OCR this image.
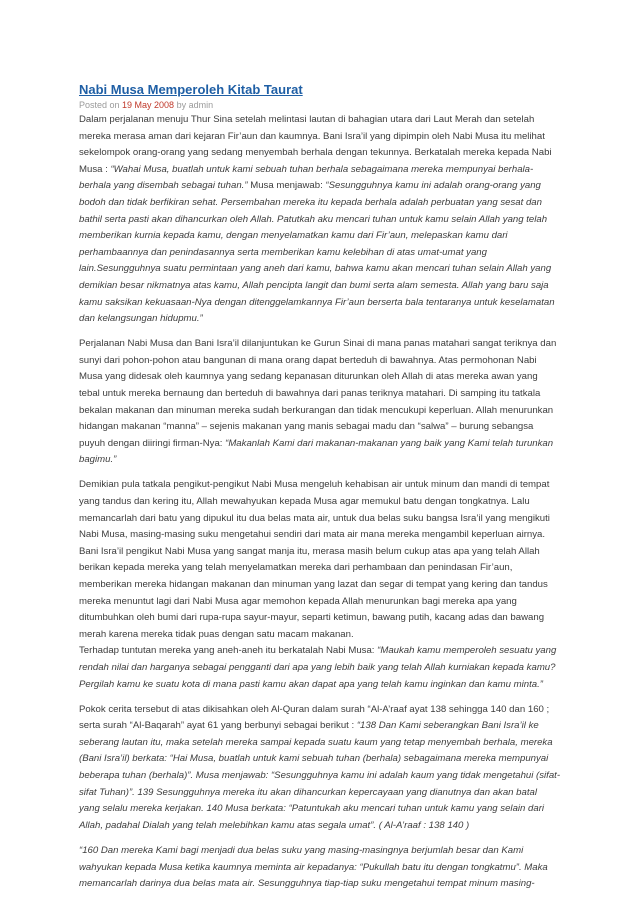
Nabi Musa Memperoleh Kitab Taurat
Posted on 19 May 2008 by admin

Dalam perjalanan menuju Thur Sina setelah melintasi lautan di bahagian utara dari Laut Merah dan setelah
mereka merasa aman dari kejaran Fir’aun dan kaumnya. Bani Isra’il yang dipimpin oleh Nabi Musa itu melihat
sekelompok orang-orang yang sedang menyembah berhala dengan tekunnya. Berkatalah mereka kepada Nabi
Musa : “Wahai Musa, buatlah untuk kami sebuah tuhan berhala sebagaimana mereka mempunyai berhala-
berhala yang disembah sebagai tuhan.” Musa menjawab: “Sesungguhnya kamu ini adalah orang-orang yang
bodoh dan tidak berfikiran sehat. Persembahan mereka itu kepada berhala adalah perbuatan yang sesat dan
bathil serta pasti akan dihancurkan oleh Allah. Patutkah aku mencari tuhan untuk kamu selain Allah yang telah
memberikan kurnia kepada kamu, dengan menyelamatkan kamu dari Fir’aun, melepaskan kamu dari
perhambaannya dan penindasannya serta memberikan kamu kelebihan di atas umat-umat yang
lain.Sesungguhnya suatu permintaan yang aneh dari kamu, bahwa kamu akan mencari tuhan selain Allah yang
demikian besar nikmatnya atas kamu, Allah pencipta langit dan bumi serta alam semesta. Allah yang baru saja
kamu saksikan kekuasaan-Nya dengan ditenggelamkannya Fir’aun berserta bala tentaranya untuk keselamatan
dan kelangsungan hidupmu.”

Perjalanan Nabi Musa dan Bani Isra’il dilanjuntukan ke Gurun Sinai di mana panas matahari sangat teriknya dan
sunyi dari pohon-pohon atau bangunan di mana orang dapat berteduh di bawahnya. Atas permohonan Nabi
Musa yang didesak oleh kaumnya yang sedang kepanasan diturunkan oleh Allah di atas mereka awan yang
tebal untuk mereka bernaung dan berteduh di bawahnya dari panas teriknya matahari. Di samping itu tatkala
bekalan makanan dan minuman mereka sudah berkurangan dan tidak mencukupi keperluan. Allah menurunkan
hidangan makanan “manna” – sejenis makanan yang manis sebagai madu dan “salwa” – burung sebangsa
puyuh dengan diiringi firman-Nya: “Makanlah Kami dari makanan-makanan yang baik yang Kami telah turunkan
bagimu.”

Demikian pula tatkala pengikut-pengikut Nabi Musa mengeluh kehabisan air untuk minum dan mandi di tempat
yang tandus dan kering itu, Allah mewahyukan kepada Musa agar memukul batu dengan tongkatnya. Lalu
memancarlah dari batu yang dipukul itu dua belas mata air, untuk dua belas suku bangsa Isra’il yang mengikuti
Nabi Musa, masing-masing suku mengetahui sendiri dari mata air mana mereka mengambil keperluan airnya.
Bani Isra’il pengikut Nabi Musa yang sangat manja itu, merasa masih belum cukup atas apa yang telah Allah
berikan kepada mereka yang telah menyelamatkan mereka dari perhambaan dan penindasan Fir’aun,
memberikan mereka hidangan makanan dan minuman yang lazat dan segar di tempat yang kering dan tandus
mereka menuntut lagi dari Nabi Musa agar memohon kepada Allah menurunkan bagi mereka apa yang
ditumbuhkan oleh bumi dari rupa-rupa sayur-mayur, separti ketimun, bawang putih, kacang adas dan bawang
merah karena mereka tidak puas dengan satu macam makanan.
Terhadap tuntutan mereka yang aneh-aneh itu berkatalah Nabi Musa: “Maukah kamu memperoleh sesuatu yang
rendah nilai dan harganya sebagai pengganti dari apa yang lebih baik yang telah Allah kurniakan kepada kamu?
Pergilah kamu ke suatu kota di mana pasti kamu akan dapat apa yang telah kamu inginkan dan kamu minta.”

Pokok cerita tersebut di atas dikisahkan oleh Al-Quran dalam surah “Al-A’raaf ayat 138 sehingga 140 dan 160 ;
serta surah “Al-Baqarah” ayat 61 yang berbunyi sebagai berikut : “138 Dan Kami seberangkan Bani Isra’il ke
seberang lautan itu, maka setelah mereka sampai kepada suatu kaum yang tetap menyembah berhala, mereka
(Bani Isra’il) berkata: “Hai Musa, buatlah untuk kami sebuah tuhan (berhala) sebagaimana mereka mempunyai
beberapa tuhan (berhala)”. Musa menjawab: “Sesungguhnya kamu ini adalah kaum yang tidak mengetahui (sifat-
sifat Tuhan)”. 139 Sesungguhnya mereka itu akan dihancurkan kepercayaan yang dianutnya dan akan batal
yang selalu mereka kerjakan. 140 Musa berkata: “Patuntukah aku mencari tuhan untuk kamu yang selain dari
Allah, padahal Dialah yang telah melebihkan kamu atas segala umat”. ( Al-A’raaf : 138 140 )

“160 Dan mereka Kami bagi menjadi dua belas suku yang masing-masingnya berjumlah besar dan Kami
wahyukan kepada Musa ketika kaumnya meminta air kepadanya: “Pukullah batu itu dengan tongkatmu”. Maka
memancarlah darinya dua belas mata air. Sesungguhnya tiap-tiap suku mengetahui tempat minum masing-
